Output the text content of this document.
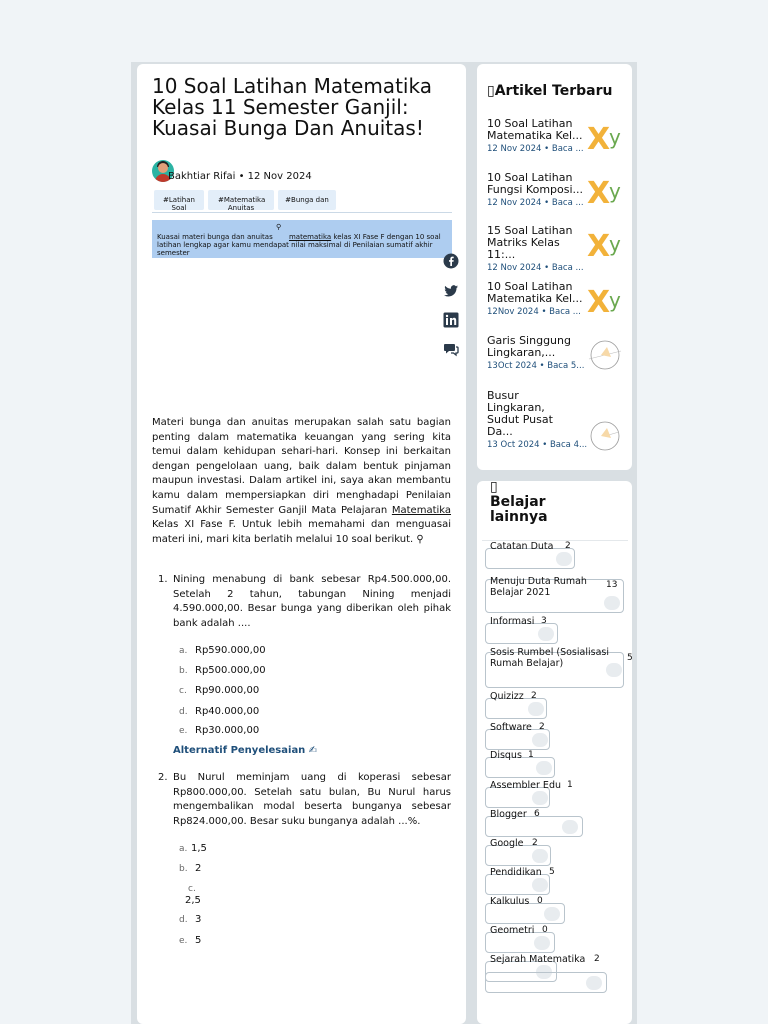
10 Soal Latihan Matematika Kelas 11 Semester Ganjil: Kuasai Bunga Dan Anuitas!
Bakhtiar Rifai • 12 Nov 2024
#Latihan Soal
#Matematika Anuitas
#Bunga dan
⚲
Kuasai materi bunga dan anuitas matematika kelas XI Fase F dengan 10 soal latihan lengkap agar kamu mendapat nilai maksimal di Penilaian sumatif akhir semester
Materi bunga dan anuitas merupakan salah satu bagian penting dalam matematika keuangan yang sering kita temui dalam kehidupan sehari-hari. Konsep ini berkaitan dengan pengelolaan uang, baik dalam bentuk pinjaman maupun investasi. Dalam artikel ini, saya akan membantu kamu dalam mempersiapkan diri menghadapi Penilaian Sumatif Akhir Semester Ganjil Mata Pelajaran Matematika Kelas XI Fase F. Untuk lebih memahami dan menguasai materi ini, mari kita berlatih melalui 10 soal berikut. ⚲
1. Nining menabung di bank sebesar Rp4.500.000,00. Setelah 2 tahun, tabungan Nining menjadi 4.590.000,00. Besar bunga yang diberikan oleh pihak bank adalah ....
a. Rp590.000,00
b. Rp500.000,00
c. Rp90.000,00
d. Rp40.000,00
e. Rp30.000,00
Alternatif Penyelesaian ✍
2. Bu Nurul meminjam uang di koperasi sebesar Rp800.000,00. Setelah satu bulan, Bu Nurul harus mengembalikan modal beserta bunganya sebesar Rp824.000,00. Besar suku bunganya adalah ...%.
a. 1,5
b. 2
c.
2,5
d. 3
e. 5
▯Artikel Terbaru
10 Soal Latihan Matematika Kel...
12 Nov 2024 • Baca ... X
y
10 Soal Latihan Fungsi Komposi...
12 Nov 2024 • Baca ... X
y
15 Soal Latihan Matriks Kelas 11:...
12 Nov 2024 • Baca ...
X
y
10 Soal Latihan Matematika Kel...
12Nov 2024 • Baca ... X
y
Garis Singgung Lingkaran,...
13Oct 2024 • Baca 5...
Busur Lingkaran, Sudut Pusat Da...
13 Oct 2024 • Baca 4...
▯
Belajar lainnya
Catatan Duta 2
Menuju Duta Rumah Belajar 2021
13
Informasi 3
Sosis Rumbel (Sosialisasi Rumah Belajar)	5
Quizizz 2
Software 2
Disqus 1
Assembler Edu 1
Blogger 6
Google 2
Pendidikan 5
Kalkulus 0
Geometri 0
Sejarah Matematika 2
